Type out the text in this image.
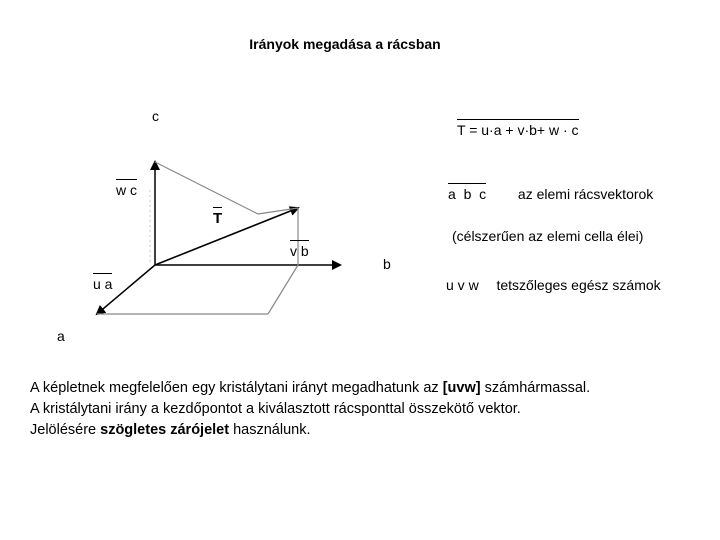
Irányok megadása a rácsban
c
w c
T
v b
b
u a
a
T = u·a + v·b+ w · c
a  b  c az elemi rácsvektorok
(célszerűen az elemi cella élei)
u v w tetszőleges egész számok

A képletnek megfelelően egy kristálytani irányt megadhatunk az [uvw] számhármassal.

A kristálytani irány a kezdőpontot a kiválasztott rácsponttal összekötő vektor.

Jelölésére szögletes zárójelet használunk.
